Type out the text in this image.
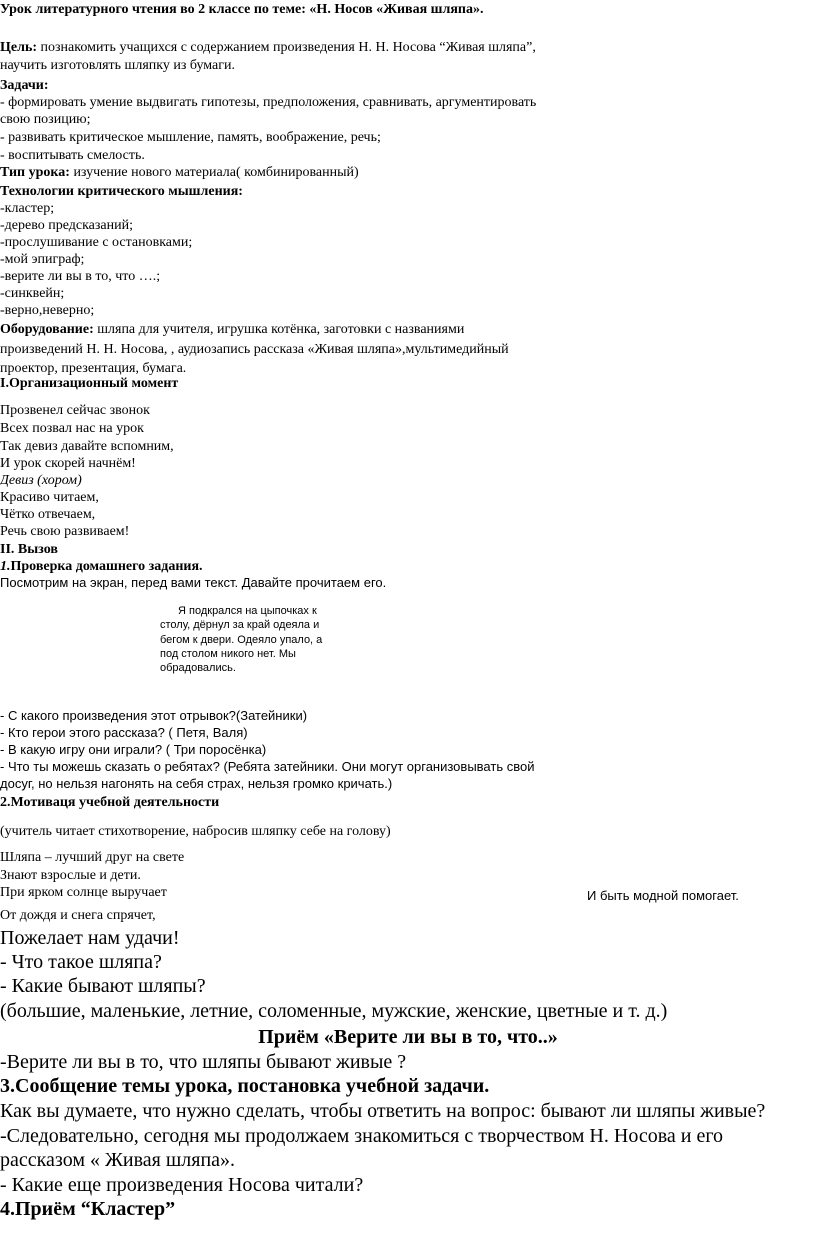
Урок литературного чтения во 2 классе по теме: «Н. Носов «Живая шляпа».
Цель: познакомить учащихся с содержанием произведения Н. Н. Носова “Живая шляпа”,
научить изготовлять шляпку из бумаги.
Задачи:
- формировать умение выдвигать гипотезы, предположения, сравнивать, аргументировать
свою позицию;
- развивать критическое мышление, память, воображение, речь;
- воспитывать смелость.
Тип урока: изучение нового материала( комбинированный)
Технологии критического мышления:
-кластер;
-дерево предсказаний;
-прослушивание с остановками;
-мой эпиграф;
-верите ли вы в то, что ….;
-синквейн;
-верно,неверно;
Оборудование: шляпа для учителя, игрушка котёнка, заготовки с названиями
произведений Н. Н. Носова, , аудиозапись рассказа «Живая шляпа»,мультимедийный
проектор, презентация, бумага.
I.Организационный момент
Прозвенел сейчас звонок
Всех позвал нас на урок
Так девиз давайте вспомним,
И урок скорей начнём!
Девиз (хором)
Красиво читаем,
Чётко отвечаем,
Речь свою развиваем!
II. Вызов
1.Проверка домашнего задания.
Посмотрим на экран, перед вами текст. Давайте прочитаем его.
Я подкрался на цыпочках к столу, дёрнул за край одеяла и бегом к двери. Одеяло упало, а под столом никого нет. Мы обрадовались.
- С какого произведения этот отрывок?(Затейники)
- Кто герои этого рассказа? ( Петя, Валя)
- В какую игру они играли? ( Три поросёнка)
- Что ты можешь сказать о ребятах? (Ребята затейники. Они могут организовывать свой
досуг, но нельзя нагонять на себя страх, нельзя громко кричать.)
2.Мотиваця учебной деятельности
(учитель читает стихотворение, набросив шляпку себе на голову)
Шляпа – лучший друг на свете
Знают взрослые и дети.
При ярком солнце выручает	И быть модной помогает.
От дождя и снега спрячет,
Пожелает нам удачи!
- Что такое шляпа?
- Какие бывают шляпы?
(большие, маленькие, летние, соломенные, мужские, женские, цветные и т. д.)
Приём «Верите ли вы в то, что..»
-Верите ли вы в то, что шляпы бывают живые ?
3.Сообщение темы урока, постановка учебной задачи.
Как вы думаете, что нужно сделать, чтобы ответить на вопрос: бывают ли шляпы живые?
-Следовательно, сегодня мы продолжаем знакомиться с творчеством Н. Носова и его
рассказом « Живая шляпа».
- Какие еще произведения Носова читали?
4.Приём “Кластер”
